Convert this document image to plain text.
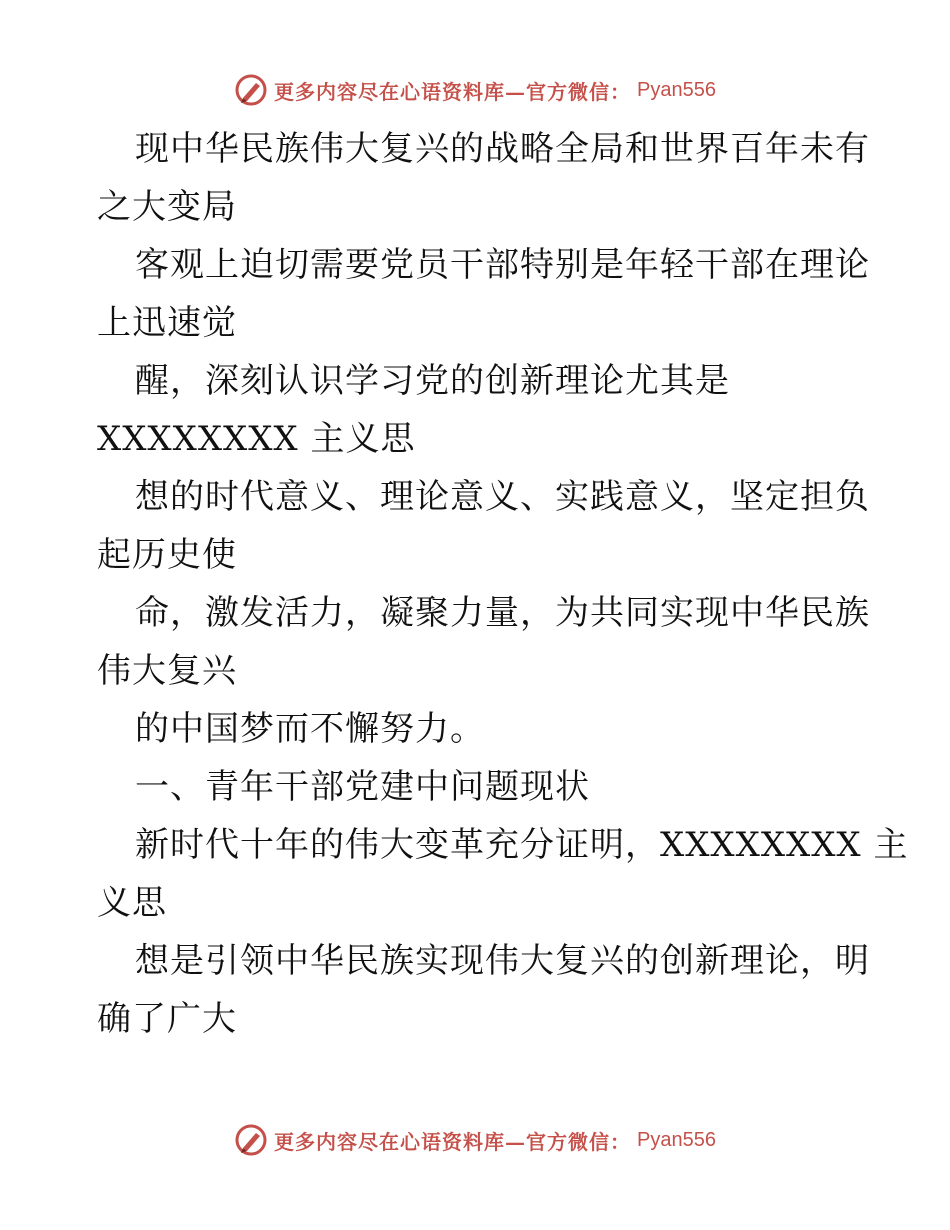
更多内容尽在心语资料库—官方微信： Pyan556
现中华民族伟大复兴的战略全局和世界百年未有
之大变局
客观上迫切需要党员干部特别是年轻干部在理论
上迅速觉
醒，深刻认识学习党的创新理论尤其是
XXXXXXXX 主义思
想的时代意义、理论意义、实践意义，坚定担负
起历史使
命，激发活力，凝聚力量，为共同实现中华民族
伟大复兴
的中国梦而不懈努力。
一、青年干部党建中问题现状
新时代十年的伟大变革充分证明，XXXXXXXX 主
义思
想是引领中华民族实现伟大复兴的创新理论，明
确了广大
更多内容尽在心语资料库—官方微信： Pyan556
